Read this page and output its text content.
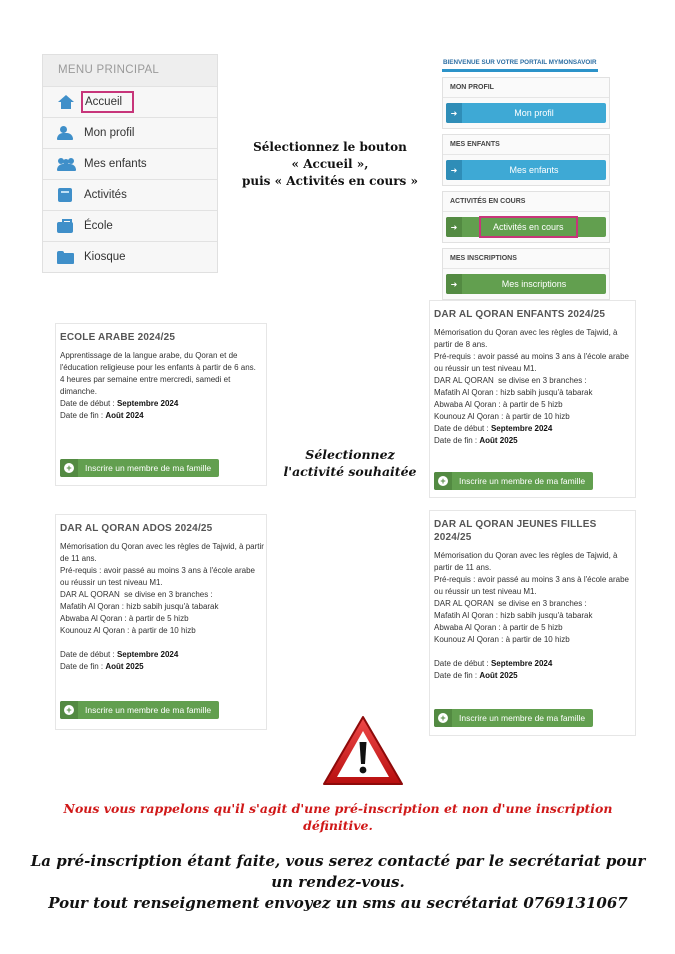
MENU PRINCIPAL
Accueil
Mon profil
Mes enfants
Activités
École
Kiosque
Sélectionnez le bouton
« Accueil »,
puis « Activités en cours »
BIENVENUE SUR VOTRE PORTAIL MYMONSAVOIR
MON PROFIL
➜	Mon profil
MES ENFANTS
➜	Mes enfants
ACTIVITÉS EN COURS
➜	Activités en cours
MES INSCRIPTIONS
➜	Mes inscriptions
ECOLE ARABE 2024/25

Apprentissage de la langue arabe, du Qoran et de l'éducation religieuse pour les enfants à partir de 6 ans.

4 heures par semaine entre mercredi, samedi et dimanche.

Date de début : Septembre 2024

Date de fin : Août 2024

+ Inscrire un membre de ma famille
DAR AL QORAN ENFANTS 2024/25

Mémorisation du Qoran avec les règles de Tajwid, à partir de 8 ans.

Pré-requis : avoir passé au moins 3 ans à l'école arabe ou réussir un test niveau M1.

DAR AL QORAN  se divise en 3 branches :

Mafatih Al Qoran : hizb sabih jusqu'à tabarak

Abwaba Al Qoran : à partir de 5 hizb

Kounouz Al Qoran : à partir de 10 hizb

Date de début : Septembre 2024

Date de fin : Août 2025

+ Inscrire un membre de ma famille
Sélectionnez
l'activité souhaitée
DAR AL QORAN ADOS 2024/25

Mémorisation du Qoran avec les règles de Tajwid, à partir de 11 ans.

Pré-requis : avoir passé au moins 3 ans à l'école arabe ou réussir un test niveau M1.

DAR AL QORAN  se divise en 3 branches :

Mafatih Al Qoran : hizb sabih jusqu'à tabarak

Abwaba Al Qoran : à partir de 5 hizb

Kounouz Al Qoran : à partir de 10 hizb

Date de début : Septembre 2024

Date de fin : Août 2025

+ Inscrire un membre de ma famille
DAR AL QORAN JEUNES FILLES 2024/25

Mémorisation du Qoran avec les règles de Tajwid, à partir de 11 ans.

Pré-requis : avoir passé au moins 3 ans à l'école arabe ou réussir un test niveau M1.

DAR AL QORAN  se divise en 3 branches :

Mafatih Al Qoran : hizb sabih jusqu'à tabarak

Abwaba Al Qoran : à partir de 5 hizb

Kounouz Al Qoran : à partir de 10 hizb

Date de début : Septembre 2024

Date de fin : Août 2025

+ Inscrire un membre de ma famille
Nous vous rappelons qu'il s'agit d'une pré-inscription et non d'une inscription
définitive.
La pré-inscription étant faite, vous serez contacté par le secrétariat pour
un rendez-vous.
Pour tout renseignement envoyez un sms au secrétariat 0769131067
